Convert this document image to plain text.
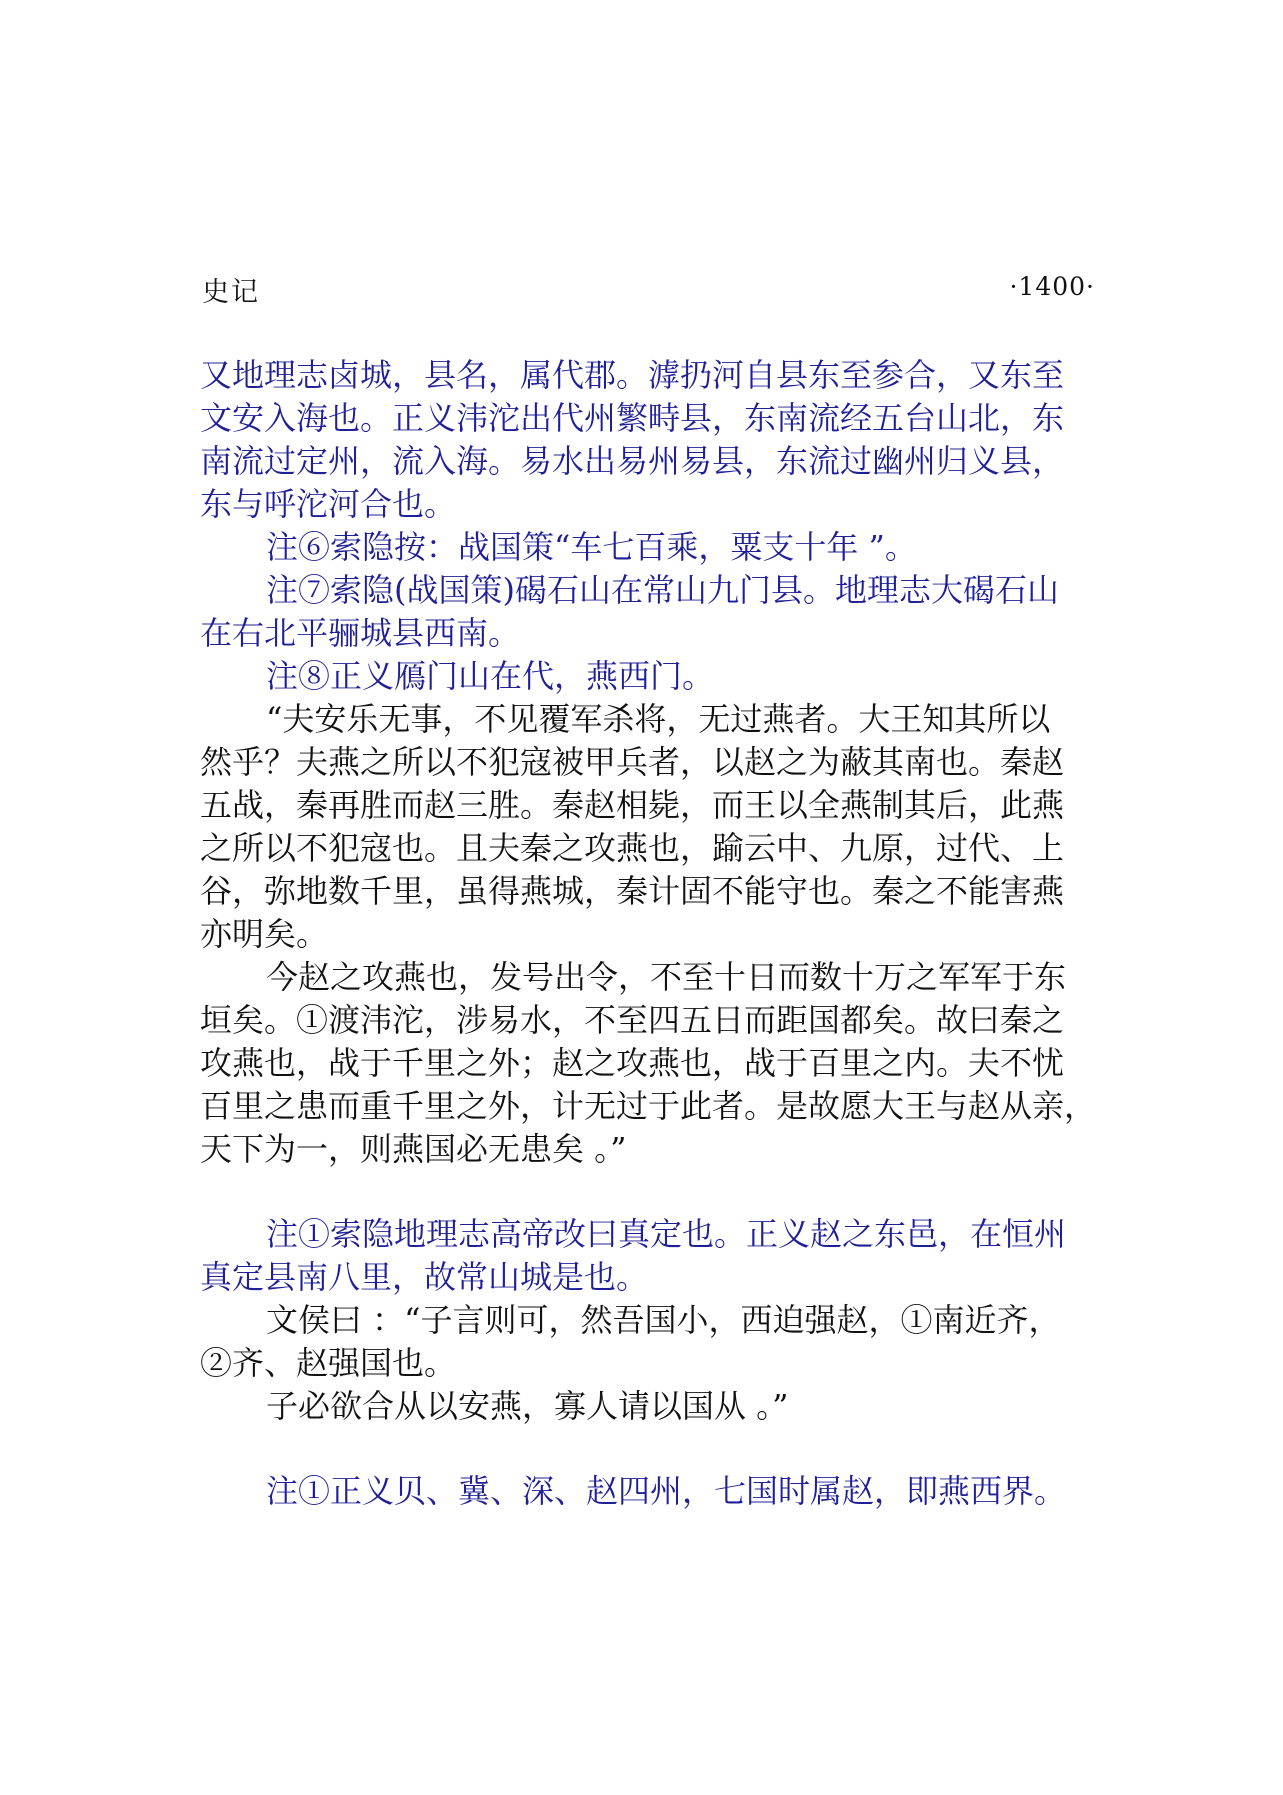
史记	·1400·
又地理志卤城，县名，属代郡。滹扔河自县东至参合，又东至
文安入海也。正义𣲗沱出代州繁畤县，东南流经五台山北，东
南流过定州，流入海。易水出易州易县，东流过幽州归义县，
东与呼沱河合也。
注⑥索隐按：战国策“车七百乘，粟支十年 ”。
注⑦索隐(战国策)碣石山在常山九门县。地理志大碣石山
在右北平骊城县西南。
注⑧正义鴈门山在代，燕西门。
“夫安乐无事，不见覆军杀将，无过燕者。大王知其所以
然乎？夫燕之所以不犯寇被甲兵者，以赵之为蔽其南也。秦赵
五战，秦再胜而赵三胜。秦赵相毙，而王以全燕制其后，此燕
之所以不犯寇也。且夫秦之攻燕也，踰云中、九原，过代、上
谷，弥地数千里，虽得燕城，秦计固不能守也。秦之不能害燕
亦明矣。
今赵之攻燕也，发号出令，不至十日而数十万之军军于东
垣矣。①渡𣲗沱，涉易水，不至四五日而距国都矣。故曰秦之
攻燕也，战于千里之外；赵之攻燕也，战于百里之内。夫不忧
百里之患而重千里之外，计无过于此者。是故愿大王与赵从亲，
天下为一，则燕国必无患矣 。”
注①索隐地理志高帝改曰真定也。正义赵之东邑，在恒州
真定县南八里，故常山城是也。
文侯曰 ：“子言则可，然吾国小，西迫强赵，①南近齐，
②齐、赵强国也。
子必欲合从以安燕，寡人请以国从 。”
注①正义贝、冀、深、赵四州，七国时属赵，即燕西界。
